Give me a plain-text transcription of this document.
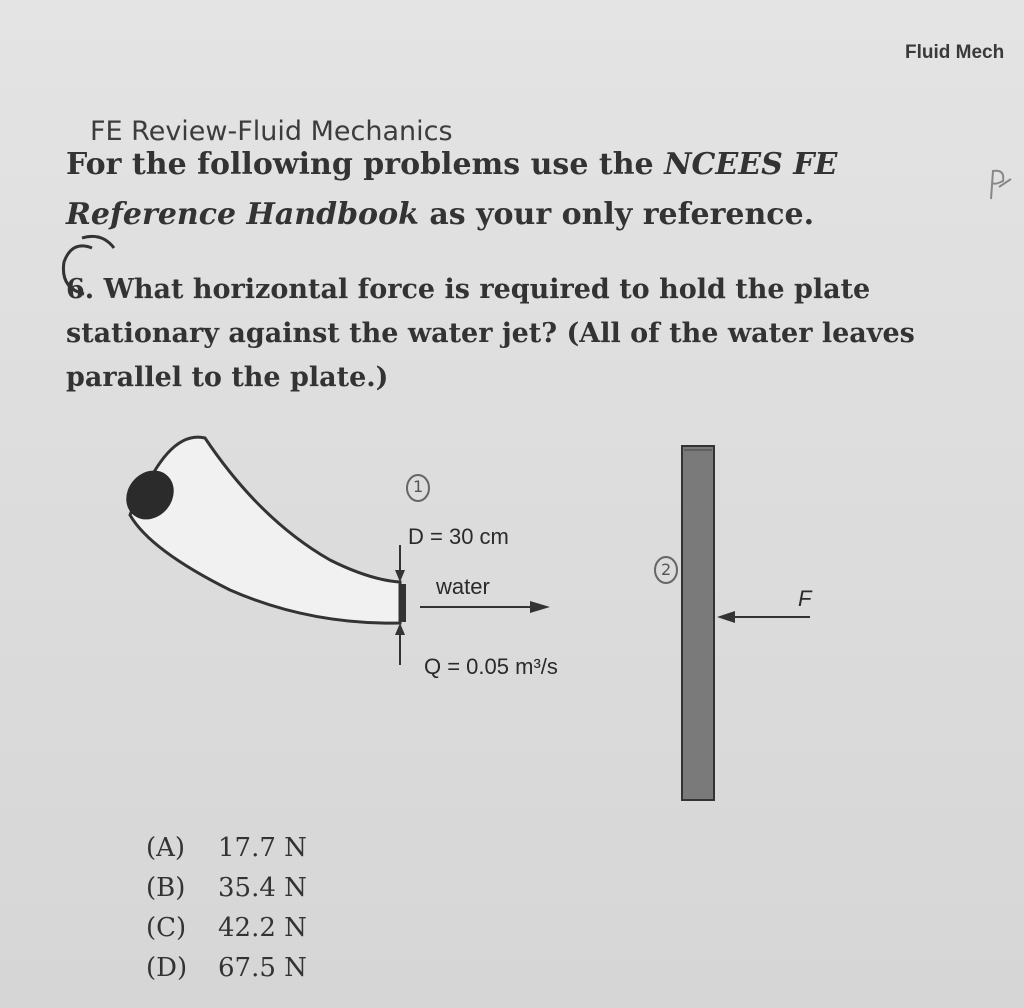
Fluid Mech
FE Review-Fluid Mechanics
For the following problems use the NCEES FE
Reference Handbook as your only reference.
6. What horizontal force is required to hold the plate stationary against the water jet? (All of the water leaves parallel to the plate.)
D = 30 cm
water
Q = 0.05 m³/s
F
1
2
(A)	17.7 N
(B)	35.4 N
(C)	42.2 N
(D)	67.5 N
